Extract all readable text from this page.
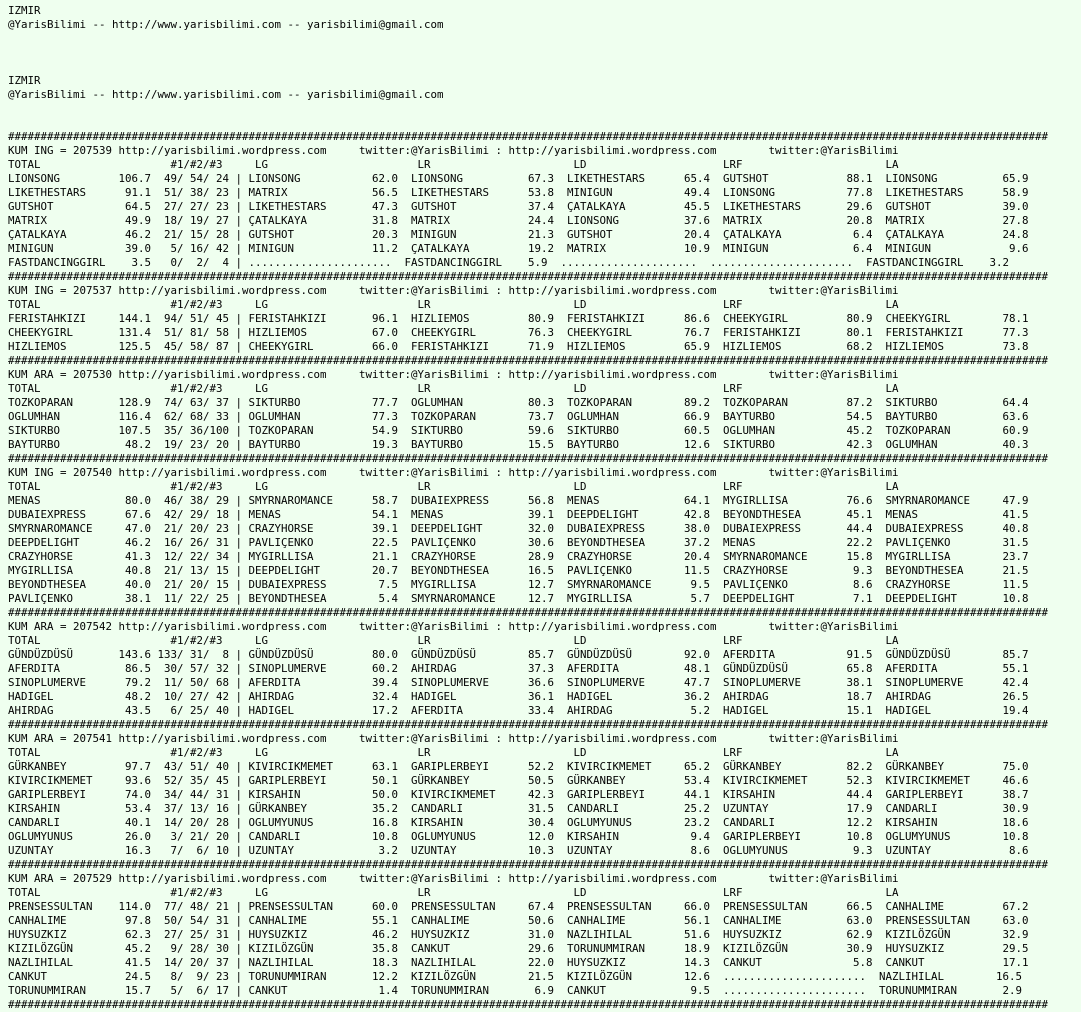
IZMIR
@YarisBilimi -- http://www.yarisbilimi.com -- yarisbilimi@gmail.com

IZMIR
@YarisBilimi -- http://www.yarisbilimi.com -- yarisbilimi@gmail.com

################################################################################################################################################################
KUM ING = 207539 http://yarisbilimi.wordpress.com     twitter:@YarisBilimi : http://yarisbilimi.wordpress.com        twitter:@YarisBilimi
TOTAL                    #1/#2/#3     LG                       LR                      LD                     LRF                      LA
LIONSONG         106.7  49/ 54/ 24 | LIONSONG           62.0  LIONSONG          67.3  LIKETHESTARS      65.4  GUTSHOT            88.1  LIONSONG          65.9
LIKETHESTARS      91.1  51/ 38/ 23 | MATRIX             56.5  LIKETHESTARS      53.8  MINIGUN           49.4  LIONSONG           77.8  LIKETHESTARS      58.9
GUTSHOT           64.5  27/ 27/ 23 | LIKETHESTARS       47.3  GUTSHOT           37.4  ÇATALKAYA         45.5  LIKETHESTARS       29.6  GUTSHOT           39.0
MATRIX            49.9  18/ 19/ 27 | ÇATALKAYA          31.8  MATRIX            24.4  LIONSONG          37.6  MATRIX             20.8  MATRIX            27.8
ÇATALKAYA         46.2  21/ 15/ 28 | GUTSHOT            20.3  MINIGUN           21.3  GUTSHOT           20.4  ÇATALKAYA           6.4  ÇATALKAYA         24.8
MINIGUN           39.0   5/ 16/ 42 | MINIGUN            11.2  ÇATALKAYA         19.2  MATRIX            10.9  MINIGUN             6.4  MINIGUN            9.6
FASTDANCINGGIRL    3.5   0/  2/  4 | ......................  FASTDANCINGGIRL    5.9  .....................  ......................  FASTDANCINGGIRL    3.2
################################################################################################################################################################
KUM ING = 207537 http://yarisbilimi.wordpress.com     twitter:@YarisBilimi : http://yarisbilimi.wordpress.com        twitter:@YarisBilimi
TOTAL                    #1/#2/#3     LG                       LR                      LD                     LRF                      LA
FERISTAHKIZI     144.1  94/ 51/ 45 | FERISTAHKIZI       96.1  HIZLIEMOS         80.9  FERISTAHKIZI      86.6  CHEEKYGIRL         80.9  CHEEKYGIRL        78.1
CHEEKYGIRL       131.4  51/ 81/ 58 | HIZLIEMOS          67.0  CHEEKYGIRL        76.3  CHEEKYGIRL        76.7  FERISTAHKIZI       80.1  FERISTAHKIZI      77.3
HIZLIEMOS        125.5  45/ 58/ 87 | CHEEKYGIRL         66.0  FERISTAHKIZI      71.9  HIZLIEMOS         65.9  HIZLIEMOS          68.2  HIZLIEMOS         73.8
################################################################################################################################################################
KUM ARA = 207530 http://yarisbilimi.wordpress.com     twitter:@YarisBilimi : http://yarisbilimi.wordpress.com        twitter:@YarisBilimi
TOTAL                    #1/#2/#3     LG                       LR                      LD                     LRF                      LA
TOZKOPARAN       128.9  74/ 63/ 37 | SIKTURBO           77.7  OGLUMHAN          80.3  TOZKOPARAN        89.2  TOZKOPARAN         87.2  SIKTURBO          64.4
OGLUMHAN         116.4  62/ 68/ 33 | OGLUMHAN           77.3  TOZKOPARAN        73.7  OGLUMHAN          66.9  BAYTURBO           54.5  BAYTURBO          63.6
SIKTURBO         107.5  35/ 36/100 | TOZKOPARAN         54.9  SIKTURBO          59.6  SIKTURBO          60.5  OGLUMHAN           45.2  TOZKOPARAN        60.9
BAYTURBO          48.2  19/ 23/ 20 | BAYTURBO           19.3  BAYTURBO          15.5  BAYTURBO          12.6  SIKTURBO           42.3  OGLUMHAN          40.3
################################################################################################################################################################
KUM ING = 207540 http://yarisbilimi.wordpress.com     twitter:@YarisBilimi : http://yarisbilimi.wordpress.com        twitter:@YarisBilimi
TOTAL                    #1/#2/#3     LG                       LR                      LD                     LRF                      LA
MENAS             80.0  46/ 38/ 29 | SMYRNAROMANCE      58.7  DUBAIEXPRESS      56.8  MENAS             64.1  MYGIRLLISA         76.6  SMYRNAROMANCE     47.9
DUBAIEXPRESS      67.6  42/ 29/ 18 | MENAS              54.1  MENAS             39.1  DEEPDELIGHT       42.8  BEYONDTHESEA       45.1  MENAS             41.5
SMYRNAROMANCE     47.0  21/ 20/ 23 | CRAZYHORSE         39.1  DEEPDELIGHT       32.0  DUBAIEXPRESS      38.0  DUBAIEXPRESS       44.4  DUBAIEXPRESS      40.8
DEEPDELIGHT       46.2  16/ 26/ 31 | PAVLIÇENKO         22.5  PAVLIÇENKO        30.6  BEYONDTHESEA      37.2  MENAS              22.2  PAVLIÇENKO        31.5
CRAZYHORSE        41.3  12/ 22/ 34 | MYGIRLLISA         21.1  CRAZYHORSE        28.9  CRAZYHORSE        20.4  SMYRNAROMANCE      15.8  MYGIRLLISA        23.7
MYGIRLLISA        40.8  21/ 13/ 15 | DEEPDELIGHT        20.7  BEYONDTHESEA      16.5  PAVLIÇENKO        11.5  CRAZYHORSE          9.3  BEYONDTHESEA      21.5
BEYONDTHESEA      40.0  21/ 20/ 15 | DUBAIEXPRESS        7.5  MYGIRLLISA        12.7  SMYRNAROMANCE      9.5  PAVLIÇENKO          8.6  CRAZYHORSE        11.5
PAVLIÇENKO        38.1  11/ 22/ 25 | BEYONDTHESEA        5.4  SMYRNAROMANCE     12.7  MYGIRLLISA         5.7  DEEPDELIGHT         7.1  DEEPDELIGHT       10.8
################################################################################################################################################################
KUM ARA = 207542 http://yarisbilimi.wordpress.com     twitter:@YarisBilimi : http://yarisbilimi.wordpress.com        twitter:@YarisBilimi
TOTAL                    #1/#2/#3     LG                       LR                      LD                     LRF                      LA
GÜNDÜZDÜSÜ       143.6 133/ 31/  8 | GÜNDÜZDÜSÜ         80.0  GÜNDÜZDÜSÜ        85.7  GÜNDÜZDÜSÜ        92.0  AFERDITA           91.5  GÜNDÜZDÜSÜ        85.7
AFERDITA          86.5  30/ 57/ 32 | SINOPLUMERVE       60.2  AHIRDAG           37.3  AFERDITA          48.1  GÜNDÜZDÜSÜ         65.8  AFERDITA          55.1
SINOPLUMERVE      79.2  11/ 50/ 68 | AFERDITA           39.4  SINOPLUMERVE      36.6  SINOPLUMERVE      47.7  SINOPLUMERVE       38.1  SINOPLUMERVE      42.4
HADIGEL           48.2  10/ 27/ 42 | AHIRDAG            32.4  HADIGEL           36.1  HADIGEL           36.2  AHIRDAG            18.7  AHIRDAG           26.5
AHIRDAG           43.5   6/ 25/ 40 | HADIGEL            17.2  AFERDITA          33.4  AHIRDAG            5.2  HADIGEL            15.1  HADIGEL           19.4
################################################################################################################################################################
KUM ARA = 207541 http://yarisbilimi.wordpress.com     twitter:@YarisBilimi : http://yarisbilimi.wordpress.com        twitter:@YarisBilimi
TOTAL                    #1/#2/#3     LG                       LR                      LD                     LRF                      LA
GÜRKANBEY         97.7  43/ 51/ 40 | KIVIRCIKMEMET      63.1  GARIPLERBEYI      52.2  KIVIRCIKMEMET     65.2  GÜRKANBEY          82.2  GÜRKANBEY         75.0
KIVIRCIKMEMET     93.6  52/ 35/ 45 | GARIPLERBEYI       50.1  GÜRKANBEY         50.5  GÜRKANBEY         53.4  KIVIRCIKMEMET      52.3  KIVIRCIKMEMET     46.6
GARIPLERBEYI      74.0  34/ 44/ 31 | KIRSAHIN           50.0  KIVIRCIKMEMET     42.3  GARIPLERBEYI      44.1  KIRSAHIN           44.4  GARIPLERBEYI      38.7
KIRSAHIN          53.4  37/ 13/ 16 | GÜRKANBEY          35.2  CANDARLI          31.5  CANDARLI          25.2  UZUNTAY            17.9  CANDARLI          30.9
CANDARLI          40.1  14/ 20/ 28 | OGLUMYUNUS         16.8  KIRSAHIN          30.4  OGLUMYUNUS        23.2  CANDARLI           12.2  KIRSAHIN          18.6
OGLUMYUNUS        26.0   3/ 21/ 20 | CANDARLI           10.8  OGLUMYUNUS        12.0  KIRSAHIN           9.4  GARIPLERBEYI       10.8  OGLUMYUNUS        10.8
UZUNTAY           16.3   7/  6/ 10 | UZUNTAY             3.2  UZUNTAY           10.3  UZUNTAY            8.6  OGLUMYUNUS          9.3  UZUNTAY            8.6
################################################################################################################################################################
KUM ARA = 207529 http://yarisbilimi.wordpress.com     twitter:@YarisBilimi : http://yarisbilimi.wordpress.com        twitter:@YarisBilimi
TOTAL                    #1/#2/#3     LG                       LR                      LD                     LRF                      LA
PRENSESSULTAN    114.0  77/ 48/ 21 | PRENSESSULTAN      60.0  PRENSESSULTAN     67.4  PRENSESSULTAN     66.0  PRENSESSULTAN      66.5  CANHALIME         67.2
CANHALIME         97.8  50/ 54/ 31 | CANHALIME          55.1  CANHALIME         50.6  CANHALIME         56.1  CANHALIME          63.0  PRENSESSULTAN     63.0
HUYSUZKIZ         62.3  27/ 25/ 31 | HUYSUZKIZ          46.2  HUYSUZKIZ         31.0  NAZLIHILAL        51.6  HUYSUZKIZ          62.9  KIZILÖZGÜN        32.9
KIZILÖZGÜN        45.2   9/ 28/ 30 | KIZILÖZGÜN         35.8  CANKUT            29.6  TORUNUMMIRAN      18.9  KIZILÖZGÜN         30.9  HUYSUZKIZ         29.5
NAZLIHILAL        41.5  14/ 20/ 37 | NAZLIHILAL         18.3  NAZLIHILAL        22.0  HUYSUZKIZ         14.3  CANKUT              5.8  CANKUT            17.1
CANKUT            24.5   8/  9/ 23 | TORUNUMMIRAN       12.2  KIZILÖZGÜN        21.5  KIZILÖZGÜN        12.6  ......................  NAZLIHILAL        16.5
TORUNUMMIRAN      15.7   5/  6/ 17 | CANKUT              1.4  TORUNUMMIRAN       6.9  CANKUT             9.5  ......................  TORUNUMMIRAN       2.9
################################################################################################################################################################
